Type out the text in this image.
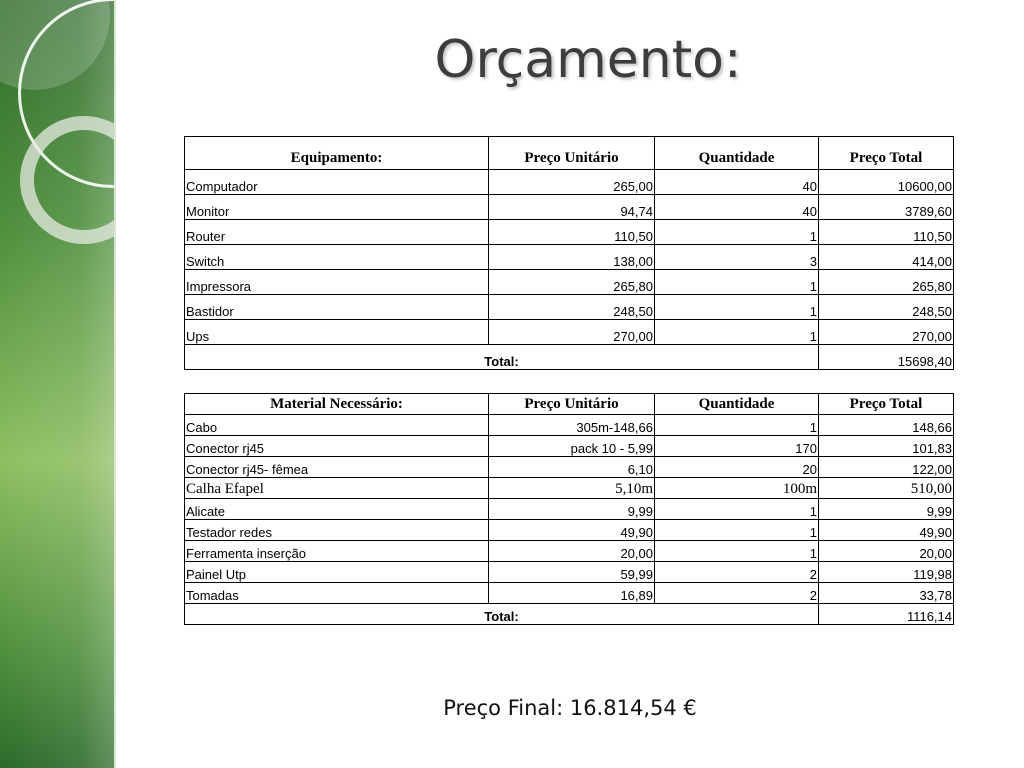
Orçamento:
Equipamento:	Preço Unitário	Quantidade	Preço Total
Computador	265,00	40	10600,00
Monitor	94,74	40	3789,60
Router	110,50	1	110,50
Switch	138,00	3	414,00
Impressora	265,80	1	265,80
Bastidor	248,50	1	248,50
Ups	270,00	1	270,00
Total:			15698,40
Material Necessário:	Preço Unitário	Quantidade	Preço Total
Cabo	305m-148,66	1	148,66
Conector rj45	pack 10 - 5,99	170	101,83
Conector rj45- fêmea	6,10	20	122,00
Calha Efapel	5,10m	100m	510,00
Alicate	9,99	1	9,99
Testador redes	49,90	1	49,90
Ferramenta inserção	20,00	1	20,00
Painel Utp	59,99	2	119,98
Tomadas	16,89	2	33,78
Total:			1116,14

Preço Final: 16.814,54 €
